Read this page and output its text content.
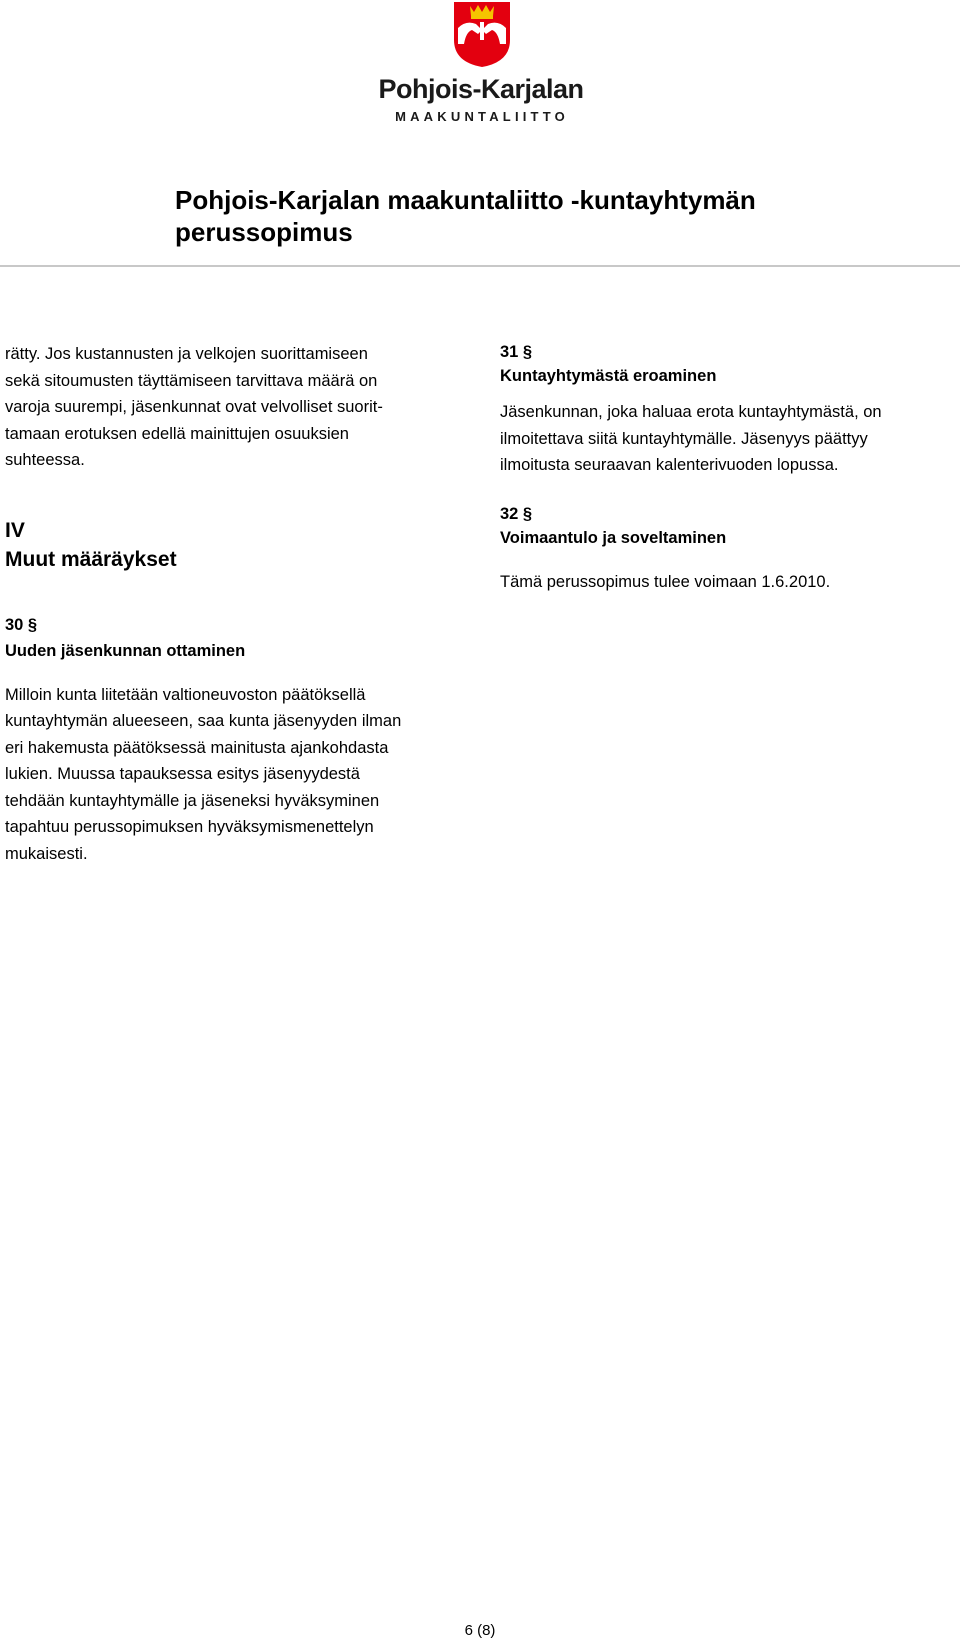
Pohjois-Karjalan
MAAKUNTALIITTO
Pohjois-Karjalan maakuntaliitto -kuntayhtymän
perussopimus
rätty. Jos kustannusten ja velkojen suorittamiseen
sekä sitoumusten täyttämiseen tarvittava määrä on
varoja suurempi, jäsenkunnat ovat velvolliset suorit-
tamaan erotuksen edellä mainittujen osuuksien
suhteessa.
IV
Muut määräykset
30 §
Uuden jäsenkunnan ottaminen
Milloin kunta liitetään valtioneuvoston päätöksellä
kuntayhtymän alueeseen, saa kunta jäsenyyden ilman
eri hakemusta päätöksessä mainitusta ajankohdasta
lukien. Muussa tapauksessa esitys jäsenyydestä
tehdään kuntayhtymälle ja jäseneksi hyväksyminen
tapahtuu perussopimuksen hyväksymismenettelyn
mukaisesti.
31 §
Kuntayhtymästä eroaminen
Jäsenkunnan, joka haluaa erota kuntayhtymästä, on
ilmoitettava siitä kuntayhtymälle. Jäsenyys päättyy
ilmoitusta seuraavan kalenterivuoden lopussa.
32 §
Voimaantulo ja soveltaminen
Tämä perussopimus tulee voimaan 1.6.2010.
6 (8)
